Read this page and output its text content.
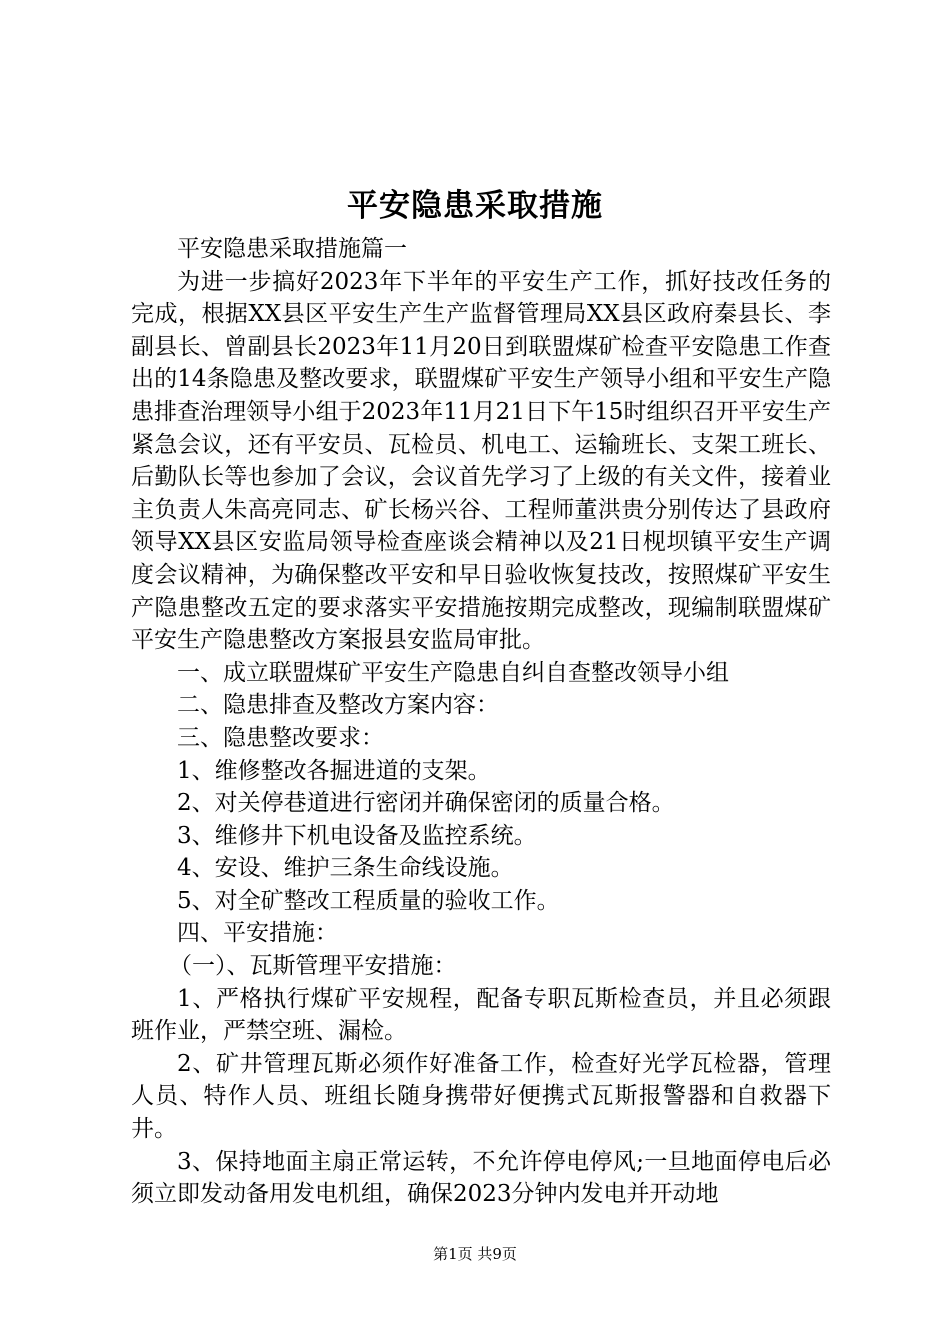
平安隐患采取措施

平安隐患采取措施篇一

为进一步搞好2023年下半年的平安生产工作，抓好技改任务的完成，根据XX县区平安生产生产监督管理局XX县区政府秦县长、李副县长、曾副县长2023年11月20日到联盟煤矿检查平安隐患工作查出的14条隐患及整改要求，联盟煤矿平安生产领导小组和平安生产隐患排查治理领导小组于2023年11月21日下午15时组织召开平安生产紧急会议，还有平安员、瓦检员、机电工、运输班长、支架工班长、后勤队长等也参加了会议，会议首先学习了上级的有关文件，接着业主负责人朱高亮同志、矿长杨兴谷、工程师董洪贵分别传达了县政府领导XX县区安监局领导检查座谈会精神以及21日枧坝镇平安生产调度会议精神，为确保整改平安和早日验收恢复技改，按照煤矿平安生产隐患整改五定的要求落实平安措施按期完成整改，现编制联盟煤矿平安生产隐患整改方案报县安监局审批。

一、成立联盟煤矿平安生产隐患自纠自查整改领导小组

二、隐患排查及整改方案内容：

三、隐患整改要求：

1、维修整改各掘进道的支架。

2、对关停巷道进行密闭并确保密闭的质量合格。

3、维修井下机电设备及监控系统。

4、安设、维护三条生命线设施。

5、对全矿整改工程质量的验收工作。

四、平安措施：

（一）、瓦斯管理平安措施：

1、严格执行煤矿平安规程，配备专职瓦斯检查员，并且必须跟班作业，严禁空班、漏检。

2、矿井管理瓦斯必须作好准备工作，检查好光学瓦检器，管理人员、特作人员、班组长随身携带好便携式瓦斯报警器和自救器下井。

3、保持地面主扇正常运转，不允许停电停风;一旦地面停电后必须立即发动备用发电机组，确保2023分钟内发电并开动地

第1页 共9页
